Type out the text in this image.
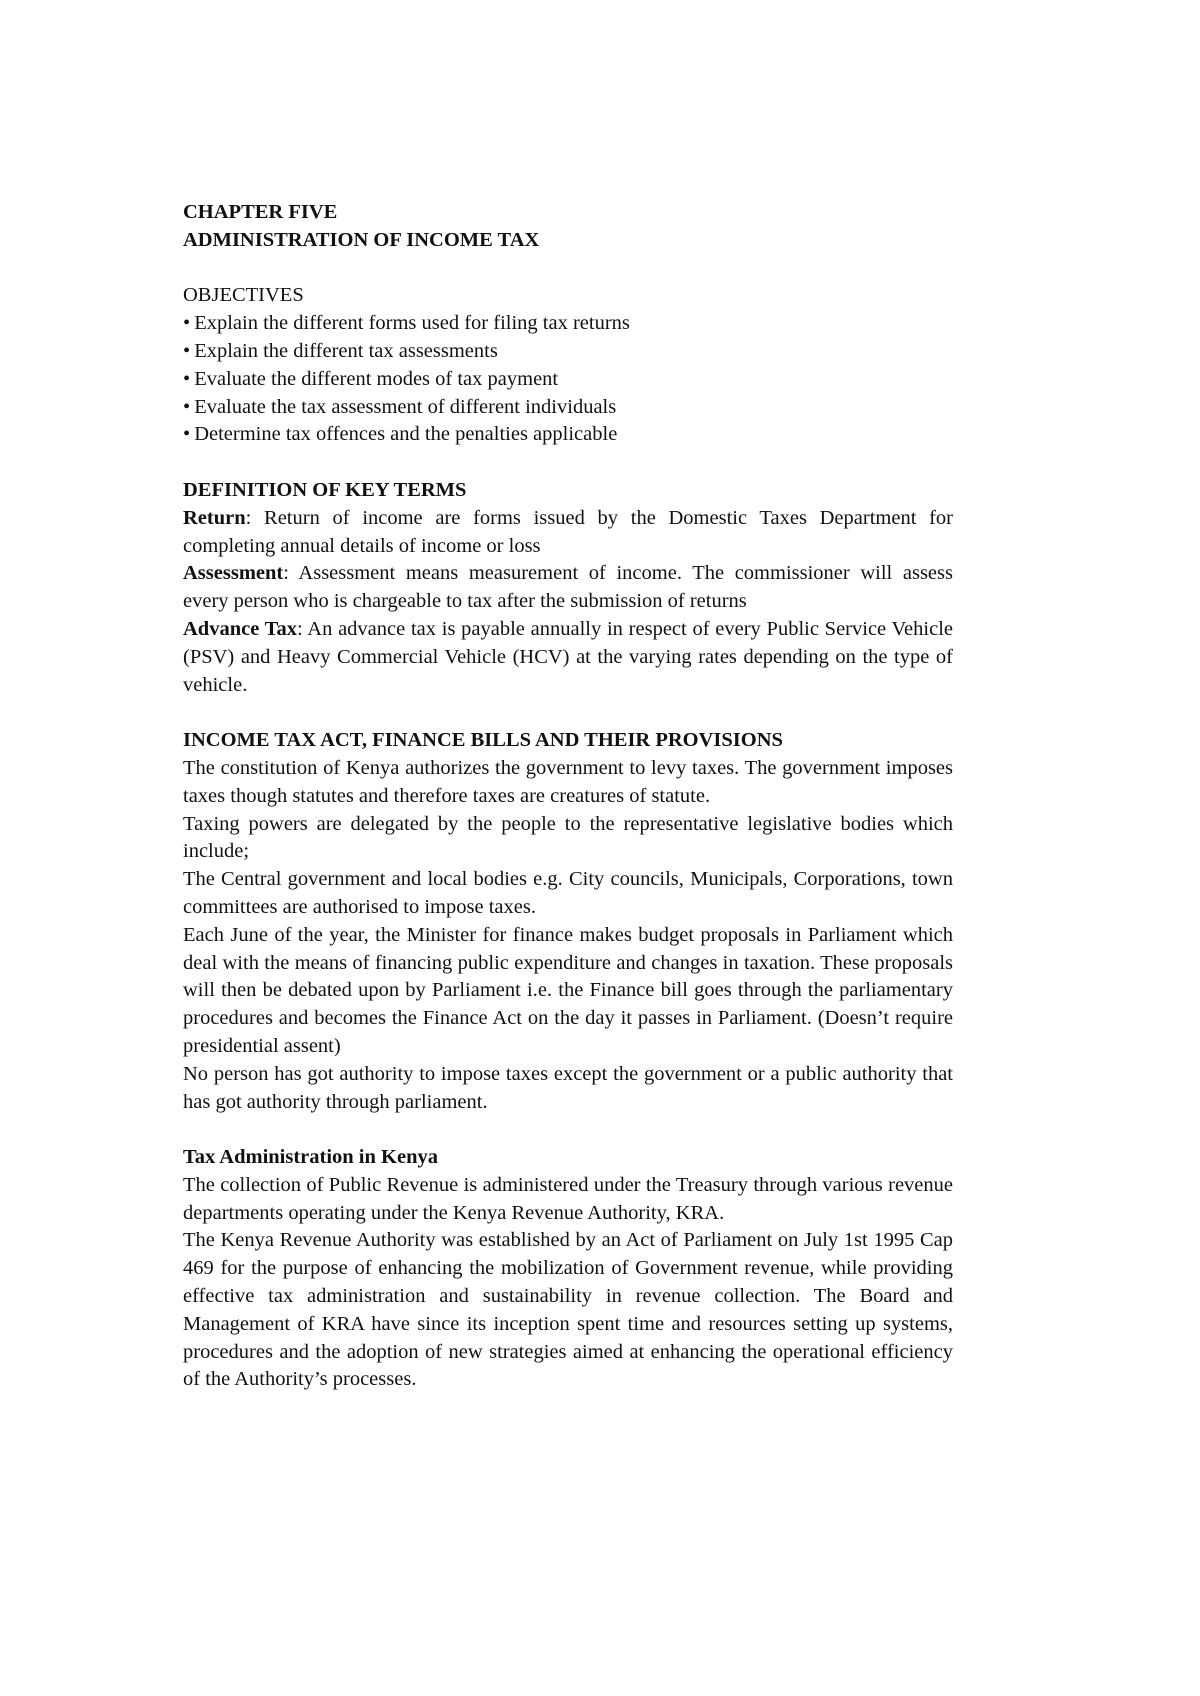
CHAPTER FIVE
ADMINISTRATION OF INCOME TAX
OBJECTIVES
• Explain the different forms used for filing tax returns
• Explain the different tax assessments
• Evaluate the different modes of tax payment
• Evaluate the tax assessment of different individuals
• Determine tax offences and the penalties applicable
DEFINITION OF KEY TERMS

Return: Return of income are forms issued by the Domestic Taxes Department for completing annual details of income or loss

Assessment: Assessment means measurement of income. The commissioner will assess every person who is chargeable to tax after the submission of returns

Advance Tax: An advance tax is payable annually in respect of every Public Service Vehicle (PSV) and Heavy Commercial Vehicle (HCV) at the varying rates depending on the type of vehicle.

INCOME TAX ACT, FINANCE BILLS AND THEIR PROVISIONS

The constitution of Kenya authorizes the government to levy taxes. The government imposes taxes though statutes and therefore taxes are creatures of statute.

Taxing powers are delegated by the people to the representative legislative bodies which include;

The Central government and local bodies e.g. City councils, Municipals, Corporations, town committees are authorised to impose taxes.

Each June of the year, the Minister for finance makes budget proposals in Parliament which deal with the means of financing public expenditure and changes in taxation. These proposals will then be debated upon by Parliament i.e. the Finance bill goes through the parliamentary procedures and becomes the Finance Act on the day it passes in Parliament. (Doesn’t require presidential assent)

No person has got authority to impose taxes except the government or a public authority that has got authority through parliament.

Tax Administration in Kenya

The collection of Public Revenue is administered under the Treasury through various revenue departments operating under the Kenya Revenue Authority, KRA.

The Kenya Revenue Authority was established by an Act of Parliament on July 1st 1995 Cap 469 for the purpose of enhancing the mobilization of Government revenue, while providing effective tax administration and sustainability in revenue collection. The Board and Management of KRA have since its inception spent time and resources setting up systems, procedures and the adoption of new strategies aimed at enhancing the operational efficiency of the Authority’s processes.
